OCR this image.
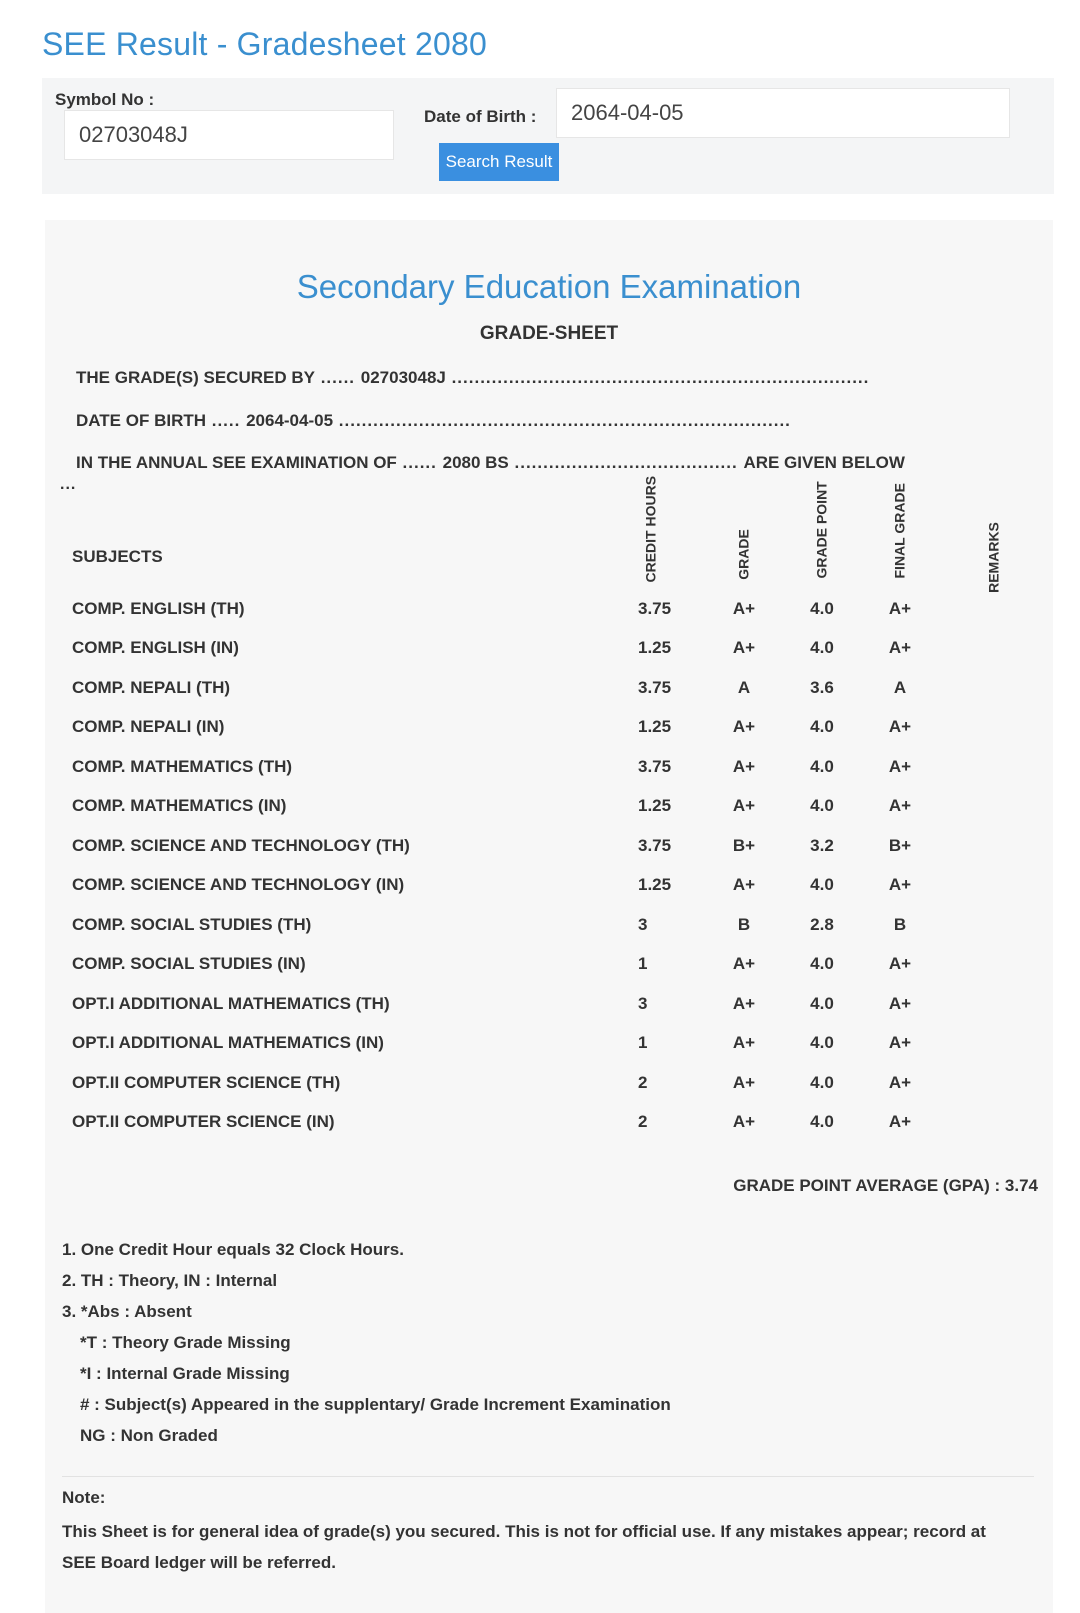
SEE Result - Gradesheet 2080
Symbol No :
02703048J
Date of Birth :	2064-04-05
Search Result
Secondary Education Examination
GRADE-SHEET
THE GRADE(S) SECURED BY ...... 02703048J .........................................................................
DATE OF BIRTH ..... 2064-04-05 ...............................................................................
IN THE ANNUAL SEE EXAMINATION OF ...... 2080 BS ....................................... ARE GIVEN BELOW
...
SUBJECTS	CREDIT HOURS	GRADE	GRADE POINT	FINAL GRADE	REMARKS
COMP. ENGLISH (TH)	3.75	A+	4.0	A+
COMP. ENGLISH (IN)	1.25	A+	4.0	A+
COMP. NEPALI (TH)	3.75	A	3.6	A
COMP. NEPALI (IN)	1.25	A+	4.0	A+
COMP. MATHEMATICS (TH)	3.75	A+	4.0	A+
COMP. MATHEMATICS (IN)	1.25	A+	4.0	A+
COMP. SCIENCE AND TECHNOLOGY (TH)	3.75	B+	3.2	B+
COMP. SCIENCE AND TECHNOLOGY (IN)	1.25	A+	4.0	A+
COMP. SOCIAL STUDIES (TH)	3	B	2.8	B
COMP. SOCIAL STUDIES (IN)	1	A+	4.0	A+
OPT.I ADDITIONAL MATHEMATICS (TH)	3	A+	4.0	A+
OPT.I ADDITIONAL MATHEMATICS (IN)	1	A+	4.0	A+
OPT.II COMPUTER SCIENCE (TH)	2	A+	4.0	A+
OPT.II COMPUTER SCIENCE (IN)	2	A+	4.0	A+
GRADE POINT AVERAGE (GPA) : 3.74
1. One Credit Hour equals 32 Clock Hours.
2. TH : Theory, IN : Internal
3. *Abs : Absent
*T : Theory Grade Missing
*I : Internal Grade Missing
# : Subject(s) Appeared in the supplentary/ Grade Increment Examination
NG : Non Graded
Note:
This Sheet is for general idea of grade(s) you secured. This is not for official use. If any mistakes appear; record at SEE Board ledger will be referred.
